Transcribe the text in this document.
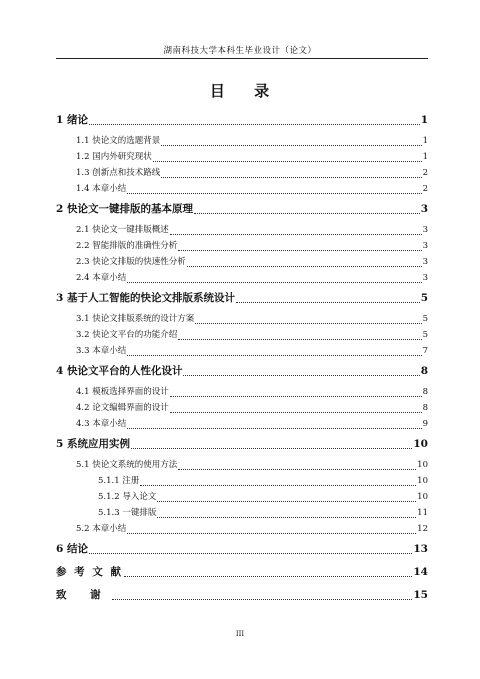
湖南科技大学本科生毕业设计（论文）
目 录
1 绪论	1
1.1 快论文的选题背景	1
1.2 国内外研究现状	1
1.3 创新点和技术路线	2
1.4 本章小结	2
2 快论文一键排版的基本原理	3
2.1 快论文一键排版概述	3
2.2 智能排版的准确性分析	3
2.3 快论文排版的快速性分析	3
2.4 本章小结	3
3 基于人工智能的快论文排版系统设计	5
3.1 快论文排版系统的设计方案	5
3.2 快论文平台的功能介绍	5
3.3 本章小结	7
4 快论文平台的人性化设计	8
4.1 模板选择界面的设计	8
4.2 论文编辑界面的设计	8
4.3 本章小结	9
5 系统应用实例	10
5.1 快论文系统的使用方法	10
5.1.1 注册	10
5.1.2 导入论文	10
5.1.3 一键排版	11
5.2 本章小结	12
6 结论	13
参 考 文 献	14
致 谢	15
III
